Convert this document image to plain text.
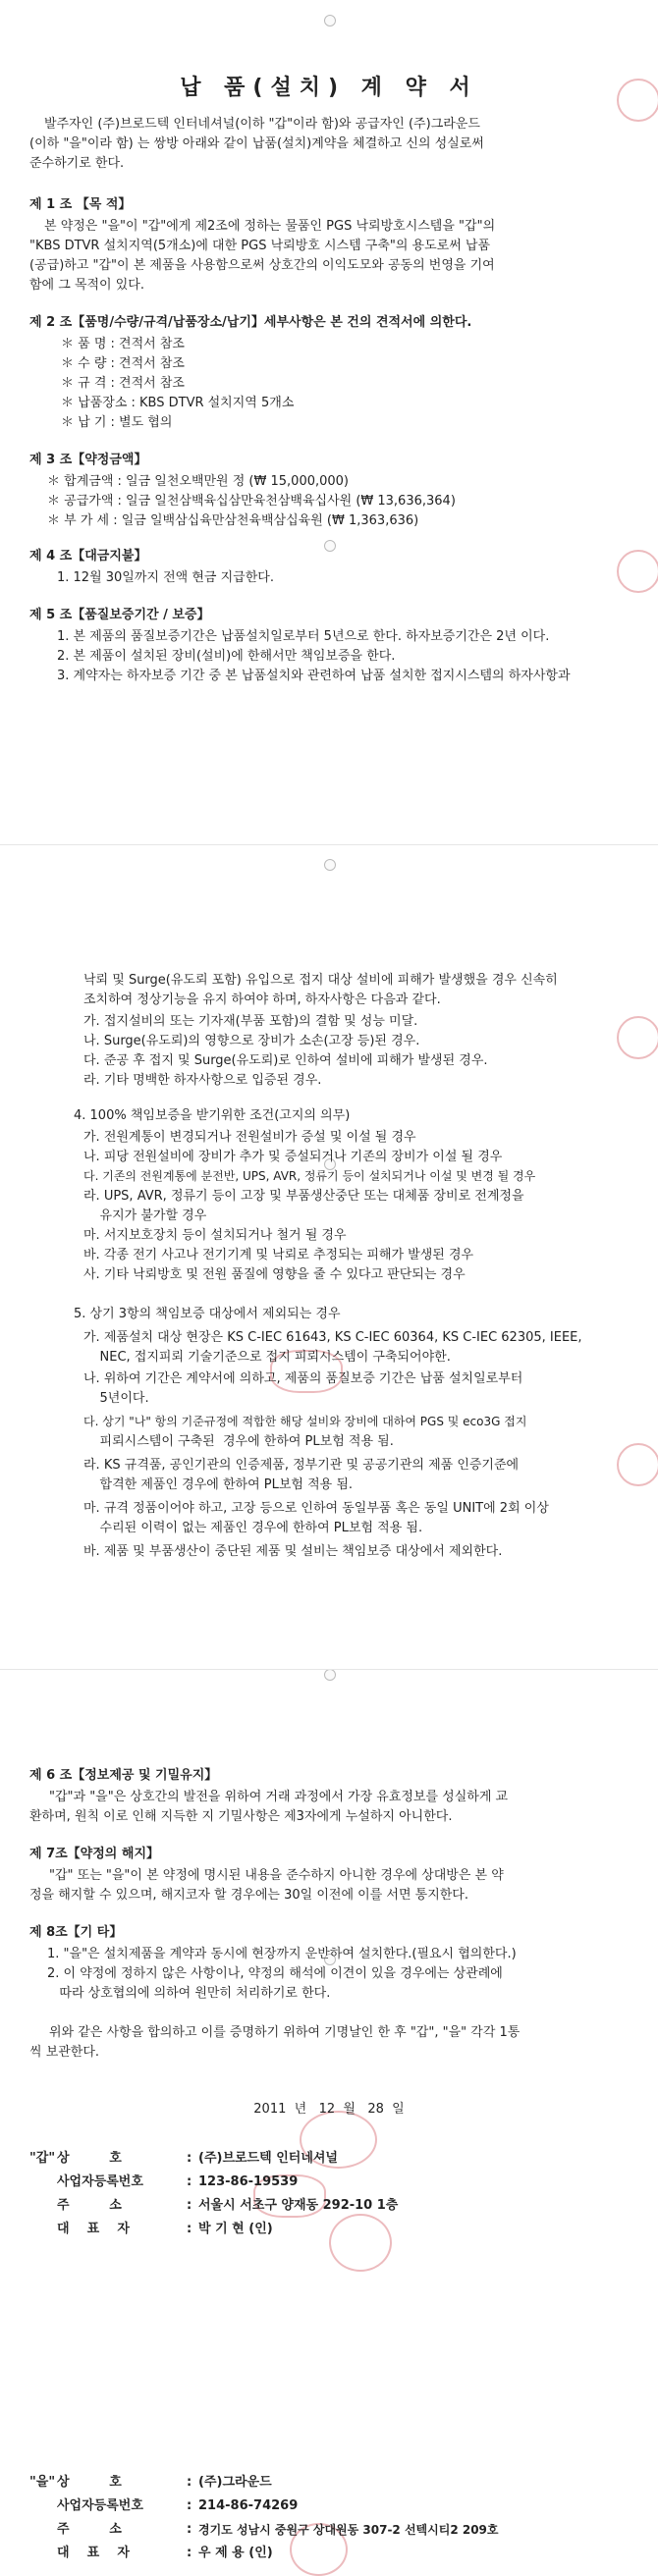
납 품(설치) 계 약 서
발주자인 (주)브로드텍 인터네셔널(이하 "갑"이라 함)와 공급자인 (주)그라운드
(이하 "을"이라 함) 는 쌍방 아래와 같이 납품(설치)계약을 체결하고 신의 성실로써
준수하기로 한다.
제 1 조 【목 적】
본 약정은 "을"이 "갑"에게 제2조에 정하는 물품인 PGS 낙뢰방호시스템을 "갑"의
"KBS DTVR 설치지역(5개소)에 대한 PGS 낙뢰방호 시스템 구축"의 용도로써 납품
(공급)하고 "갑"이 본 제품을 사용함으로써 상호간의 이익도모와 공동의 번영을 기여
함에 그 목적이 있다.
제 2 조【품명/수량/규격/납품장소/납기】세부사항은 본 건의 견적서에 의한다.
＊ 품 명 : 견적서 참조
＊ 수 량 : 견적서 참조
＊ 규 격 : 견적서 참조
＊ 납품장소 : KBS DTVR 설치지역 5개소
＊ 납 기 : 별도 협의
제 3 조【약정금액】
＊ 합계금액 : 일금 일천오백만원 정 (₩ 15,000,000)
＊ 공급가액 : 일금 일천삼백육십삼만육천삼백육십사원 (₩ 13,636,364)
＊ 부 가 세 : 일금 일백삼십육만삼천육백삼십육원 (₩ 1,363,636)
제 4 조【대금지불】
1. 12월 30일까지 전액 현금 지급한다.
제 5 조【품질보증기간 / 보증】
1. 본 제품의 품질보증기간은 납품설치일로부터 5년으로 한다. 하자보증기간은 2년 이다.
2. 본 제품이 설치된 장비(설비)에 한해서만 책임보증을 한다.
3. 계약자는 하자보증 기간 중 본 납품설치와 관련하여 납품 설치한 접지시스템의 하자사항과
낙뢰 및 Surge(유도뢰 포함) 유입으로 접지 대상 설비에 피해가 발생했을 경우 신속히
조치하여 정상기능을 유지 하여야 하며, 하자사항은 다음과 같다.
가. 접지설비의 또는 기자재(부품 포함)의 결함 및 성능 미달.
나. Surge(유도뢰)의 영향으로 장비가 소손(고장 등)된 경우.
다. 준공 후 접지 및 Surge(유도뢰)로 인하여 설비에 피해가 발생된 경우.
라. 기타 명백한 하자사항으로 입증된 경우.
4. 100% 책임보증을 받기위한 조건(고지의 의무)
가. 전원계통이 변경되거나 전원설비가 증설 및 이설 될 경우
나. 피당 전원설비에 장비가 추가 및 증설되거나 기존의 장비가 이설 될 경우
다. 기존의 전원계통에 분전반, UPS, AVR, 정류기 등이 설치되거나 이설 및 변경 될 경우
라. UPS, AVR, 정류기 등이 고장 및 부품생산중단 또는 대체품 장비로 전계정을
유지가 불가할 경우
마. 서지보호장치 등이 설치되거나 철거 될 경우
바. 각종 전기 사고나 전기기계 및 낙뢰로 추정되는 피해가 발생된 경우
사. 기타 낙뢰방호 및 전원 품질에 영향을 줄 수 있다고 판단되는 경우
5. 상기 3항의 책임보증 대상에서 제외되는 경우
가. 제품설치 대상 현장은 KS C-IEC 61643, KS C-IEC 60364, KS C-IEC 62305, IEEE,
NEC, 접지피뢰 기술기준으로 접지 피뢰시스템이 구축되어야한.
나. 위하여 기간은 계약서에 의하고, 제품의 품질보증 기간은 납품 설치일로부터
5년이다.
다. 상기 "나" 항의 기준규정에 적합한 해당 설비와 장비에 대하여 PGS 및 eco3G 접지
피뢰시스템이 구축된  경우에 한하여 PL보험 적용 됨.
라. KS 규격품, 공인기관의 인증제품, 정부기관 및 공공기관의 제품 인증기준에
합격한 제품인 경우에 한하여 PL보험 적용 됨.
마. 규격 정품이어야 하고, 고장 등으로 인하여 동일부품 혹은 동일 UNIT에 2회 이상
수리된 이력이 없는 제품인 경우에 한하여 PL보험 적용 됨.
바. 제품 및 부품생산이 중단된 제품 및 설비는 책임보증 대상에서 제외한다.
제 6 조【정보제공 및 기밀유지】
"갑"과 "을"은 상호간의 발전을 위하여 거래 과정에서 가장 유효정보를 성실하게 교
환하며, 원칙 이로 인해 지득한 지 기밀사항은 제3자에게 누설하지 아니한다.
제 7조【약정의 해지】
"갑" 또는 "을"이 본 약정에 명시된 내용을 준수하지 아니한 경우에 상대방은 본 약
정을 해지할 수 있으며, 해지코자 할 경우에는 30일 이전에 이를 서면 통지한다.
제 8조【기 타】
1. "을"은 설치제품을 계약과 동시에 현장까지 운반하여 설치한다.(필요시 협의한다.)
2. 이 약정에 정하지 않은 사항이나, 약정의 해석에 이견이 있을 경우에는 상관례에
따라 상호협의에 의하여 원만히 처리하기로 한다.
위와 같은 사항을 합의하고 이를 증명하기 위하여 기명날인 한 후 "갑", "을" 각각 1통
씩 보관한다.
2011  년   12  월   28  일
"갑" 상         호	: (주)브로드텍 인터네셔널
사업자등록번호	: 123-86-19539
주         소	: 서울시 서초구 양재동 292-10 1층
대    표    자	: 박 기 현 (인)
"을" 상         호	: (주)그라운드
사업자등록번호	: 214-86-74269
주         소	: 경기도 성남시 중원구 상대원동 307-2 선텍시티2 209호
대    표    자	: 우 제 용 (인)
